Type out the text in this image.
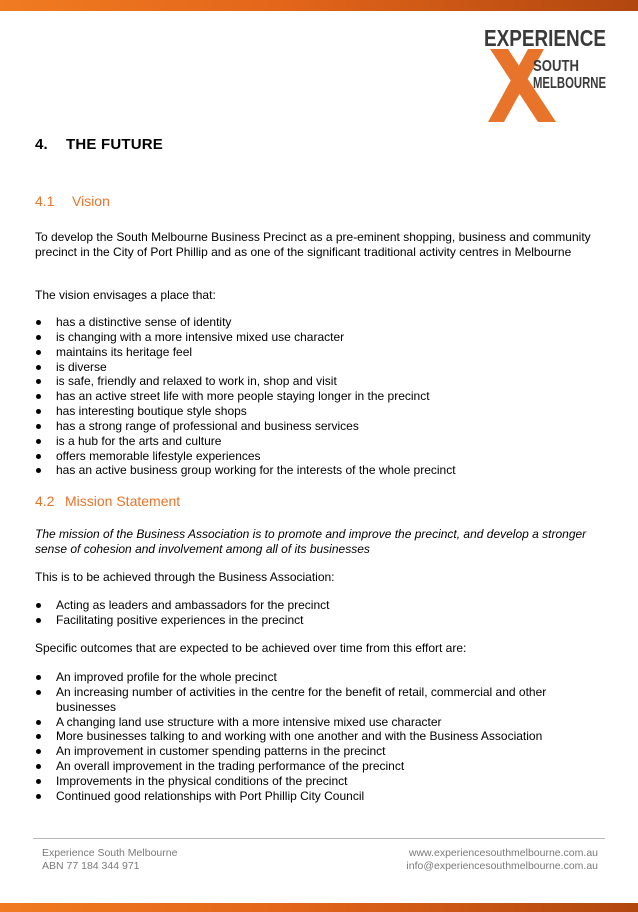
EXPERIENCE
SOUTH
MELBOURNE
4. THE FUTURE
4.1 Vision
To develop the South Melbourne Business Precinct as a pre-eminent shopping, business and community precinct in the City of Port Phillip and as one of the significant traditional activity centres in Melbourne
The vision envisages a place that:
has a distinctive sense of identity
is changing with a more intensive mixed use character
maintains its heritage feel
is diverse
is safe, friendly and relaxed to work in, shop and visit
has an active street life with more people staying longer in the precinct
has interesting boutique style shops
has a strong range of professional and business services
is a hub for the arts and culture
offers memorable lifestyle experiences
has an active business group working for the interests of the whole precinct
4.2 Mission Statement
The mission of the Business Association is to promote and improve the precinct, and develop a stronger sense of cohesion and involvement among all of its businesses
This is to be achieved through the Business Association:
Acting as leaders and ambassadors for the precinct
Facilitating positive experiences in the precinct
Specific outcomes that are expected to be achieved over time from this effort are:
An improved profile for the whole precinct
An increasing number of activities in the centre for the benefit of retail, commercial and other businesses
A changing land use structure with a more intensive mixed use character
More businesses talking to and working with one another and with the Business Association
An improvement in customer spending patterns in the precinct
An overall improvement in the trading performance of the precinct
Improvements in the physical conditions of the precinct
Continued good relationships with Port Phillip City Council
Experience South Melbourne
ABN 77 184 344 971
www.experiencesouthmelbourne.com.au
info@experiencesouthmelbourne.com.au
